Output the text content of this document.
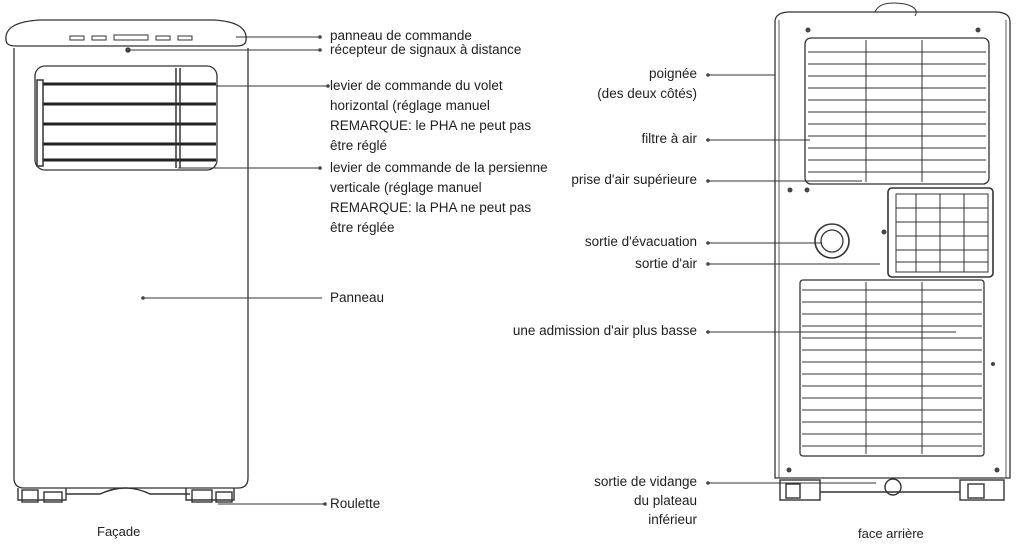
panneau de commande
récepteur de signaux à distance
levier de commande du volet horizontal (réglage manuel REMARQUE: le PHA ne peut pas être réglé
levier de commande de la persienne verticale (réglage manuel REMARQUE: la PHA ne peut pas être réglée
Panneau
Roulette
Façade
poignée
(des deux côtés)
filtre à air
prise d'air supérieure
sortie d'évacuation
sortie d'air
une admission d'air plus basse
sortie de vidange
du plateau
inférieur
face arrière
